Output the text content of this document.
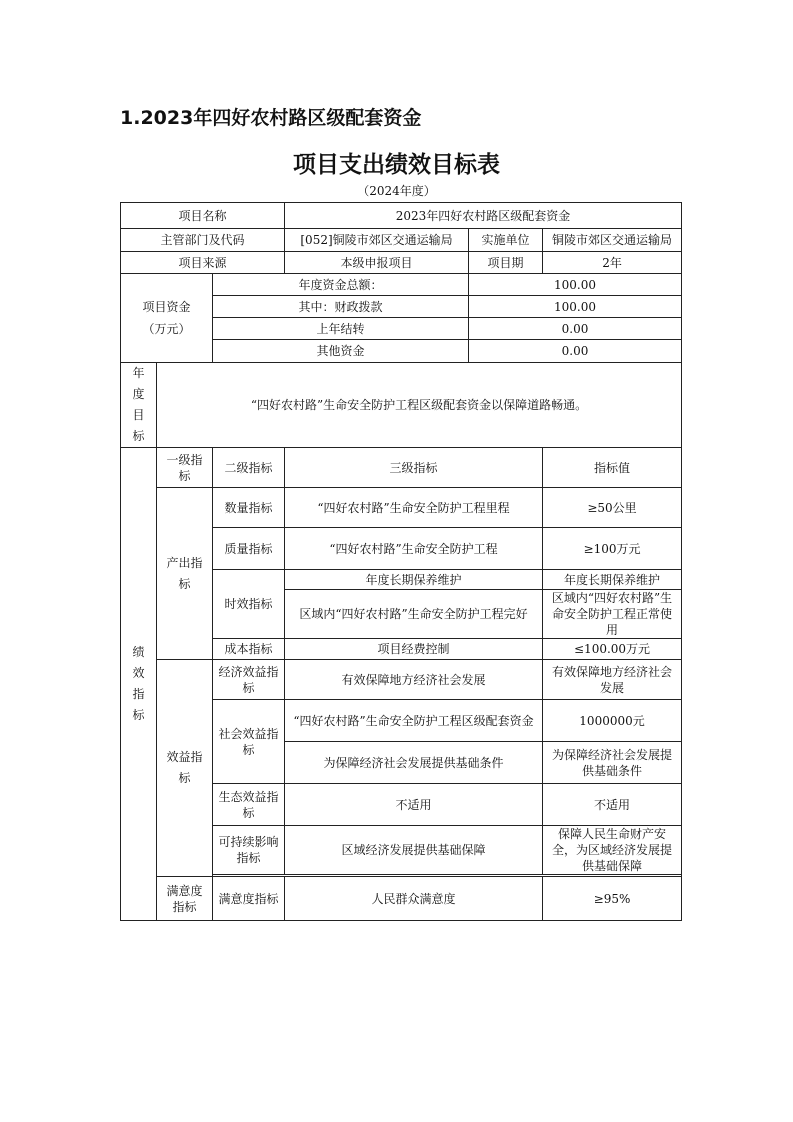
1.2023年四好农村路区级配套资金
项目支出绩效目标表
（2024年度）
项目名称			2023年四好农村路区级配套资金		
主管部门及代码			[052]铜陵市郊区交通运输局	实施单位	铜陵市郊区交通运输局
项目来源			本级申报项目	项目期	2年

项目资金
（万元）		年度资金总额：		100.00	
		其中：财政拨款		100.00	
		上年结转		0.00	
		其他资金		0.00	
年度目标	“四好农村路”生命安全防护工程区级配套资金以保障道路畅通。				
绩效指标	一级指标	二级指标	三级指标		指标值
	产出指标	数量指标	“四好农村路”生命安全防护工程里程		≥50公里
		质量指标	“四好农村路”生命安全防护工程		≥100万元
		时效指标	年度长期保养维护		年度长期保养维护
			区域内“四好农村路”生命安全防护工程完好		区域内“四好农村路”生命安全防护工程正常使用
		成本指标	项目经费控制		≤100.00万元
	效益指标	经济效益指标	有效保障地方经济社会发展		有效保障地方经济社会发展
		社会效益指标	“四好农村路”生命安全防护工程区级配套资金		1000000元
			为保障经济社会发展提供基础条件		为保障经济社会发展提供基础条件
		生态效益指标	不适用		不适用
		可持续影响指标	区域经济发展提供基础保障		保障人民生命财产安全，为区域经济发展提供基础保障

	满意度指标	满意度指标	人民群众满意度		≥95%
